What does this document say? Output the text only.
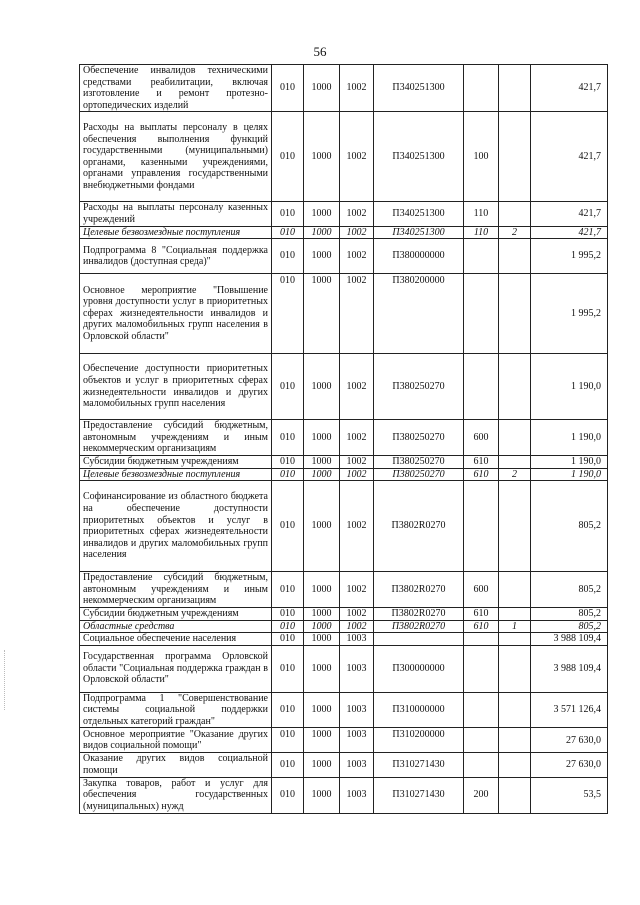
56
Обеспечение инвалидов техническими средствами реабилитации, включая изготовление и ремонт протезно-ортопедических изделий	010	1000	1002	П340251300			421,7
Расходы на выплаты персоналу в целях обеспечения выполнения функций государственными (муниципальными) органами, казенными учреждениями, органами управления государственными внебюджетными фондами	010	1000	1002	П340251300	100		421,7
Расходы на выплаты персоналу казенных учреждений	010	1000	1002	П340251300	110		421,7
Целевые безвозмездные поступления	010	1000	1002	П340251300	110	2	421,7
Подпрограмма 8 "Социальная поддержка инвалидов (доступная среда)"	010	1000	1002	П380000000			1 995,2
Основное мероприятие "Повышение уровня доступности услуг в приоритетных сферах жизнедеятельности инвалидов и других маломобильных групп населения в Орловской области"	010	1000	1002	П380200000			1 995,2
Обеспечение доступности приоритетных объектов и услуг в приоритетных сферах жизнедеятельности инвалидов и других маломобильных групп населения	010	1000	1002	П380250270			1 190,0
Предоставление субсидий бюджетным, автономным учреждениям и иным некоммерческим организациям	010	1000	1002	П380250270	600		1 190,0
Субсидии бюджетным учреждениям	010	1000	1002	П380250270	610		1 190,0
Целевые безвозмездные поступления	010	1000	1002	П380250270	610	2	1 190,0
Софинансирование из областного бюджета на обеспечение доступности приоритетных объектов и услуг в приоритетных сферах жизнедеятельности инвалидов и других маломобильных групп населения	010	1000	1002	П3802R0270			805,2
Предоставление субсидий бюджетным, автономным учреждениям и иным некоммерческим организациям	010	1000	1002	П3802R0270	600		805,2
Субсидии бюджетным учреждениям	010	1000	1002	П3802R0270	610		805,2
Областные средства	010	1000	1002	П3802R0270	610	1	805,2
Социальное обеспечение населения	010	1000	1003				3 988 109,4
Государственная программа Орловской области "Социальная поддержка граждан в Орловской области"	010	1000	1003	П300000000			3 988 109,4
Подпрограмма 1 "Совершенствование системы социальной поддержки отдельных категорий граждан"	010	1000	1003	П310000000			3 571 126,4
Основное мероприятие "Оказание других видов социальной помощи"	010	1000	1003	П310200000			27 630,0
Оказание других видов социальной помощи	010	1000	1003	П310271430			27 630,0
Закупка товаров, работ и услуг для обеспечения государственных (муниципальных) нужд	010	1000	1003	П310271430	200		53,5
